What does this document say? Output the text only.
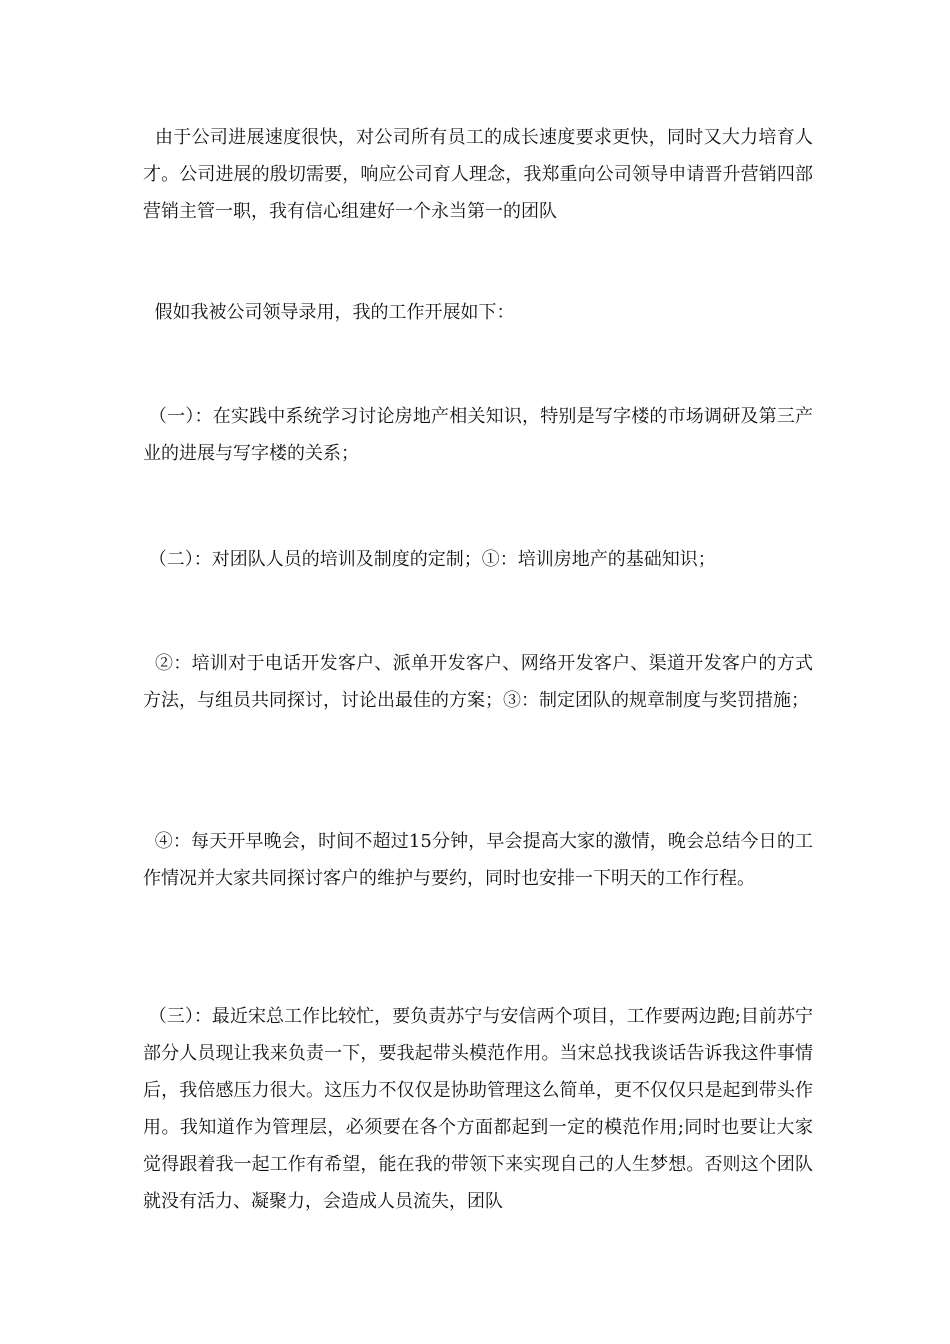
由于公司进展速度很快，对公司所有员工的成长速度要求更快，同时又大力培育人才。公司进展的殷切需要，响应公司育人理念，我郑重向公司领导申请晋升营销四部营销主管一职，我有信心组建好一个永当第一的团队

假如我被公司领导录用，我的工作开展如下：

（一）：在实践中系统学习讨论房地产相关知识，特别是写字楼的市场调研及第三产业的进展与写字楼的关系；

（二）：对团队人员的培训及制度的定制；①：培训房地产的基础知识；

②：培训对于电话开发客户、派单开发客户、网络开发客户、渠道开发客户的方式方法，与组员共同探讨，讨论出最佳的方案；③：制定团队的规章制度与奖罚措施；

④：每天开早晚会，时间不超过15分钟，早会提高大家的激情，晚会总结今日的工作情况并大家共同探讨客户的维护与要约，同时也安排一下明天的工作行程。

（三）：最近宋总工作比较忙，要负责苏宁与安信两个项目，工作要两边跑;目前苏宁部分人员现让我来负责一下，要我起带头模范作用。当宋总找我谈话告诉我这件事情后，我倍感压力很大。这压力不仅仅是协助管理这么简单，更不仅仅只是起到带头作用。我知道作为管理层，必须要在各个方面都起到一定的模范作用;同时也要让大家觉得跟着我一起工作有希望，能在我的带领下来实现自己的人生梦想。否则这个团队就没有活力、凝聚力，会造成人员流失，团队
